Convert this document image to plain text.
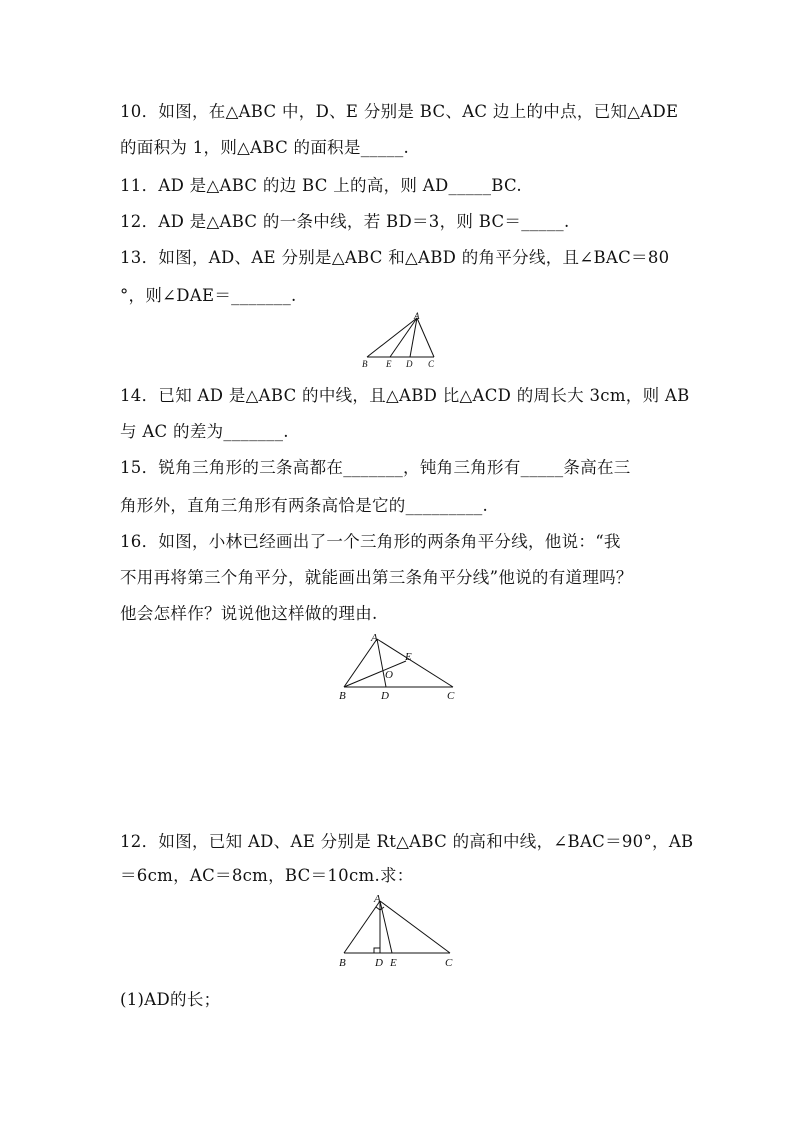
10．如图，在△ABC 中，D、E 分别是 BC、AC 边上的中点，已知△ADE
的面积为 1，则△ABC 的面积是_____.
11．AD 是△ABC 的边 BC 上的高，则 AD_____BC.
12．AD 是△ABC 的一条中线，若 BD＝3，则 BC＝_____.
13．如图，AD、AE 分别是△ABC 和△ABD 的角平分线，且∠BAC＝80
°，则∠DAE＝_______.
A
B E D C
14．已知 AD 是△ABC 的中线，且△ABD 比△ACD 的周长大 3cm，则 AB
与 AC 的差为_______.
15．锐角三角形的三条高都在_______，钝角三角形有_____条高在三
角形外，直角三角形有两条高恰是它的_________.
16．如图，小林已经画出了一个三角形的两条角平分线，他说：“我
不用再将第三个角平分，就能画出第三条角平分线”他说的有道理吗？
他会怎样作？说说他这样做的理由.
A
E
O
B	D	C
12．如图，已知 AD、AE 分别是 Rt△ABC 的高和中线，∠BAC＝90°，AB
＝6cm，AC＝8cm，BC＝10cm.求：
A
B	D E	C
(1)AD的长；
